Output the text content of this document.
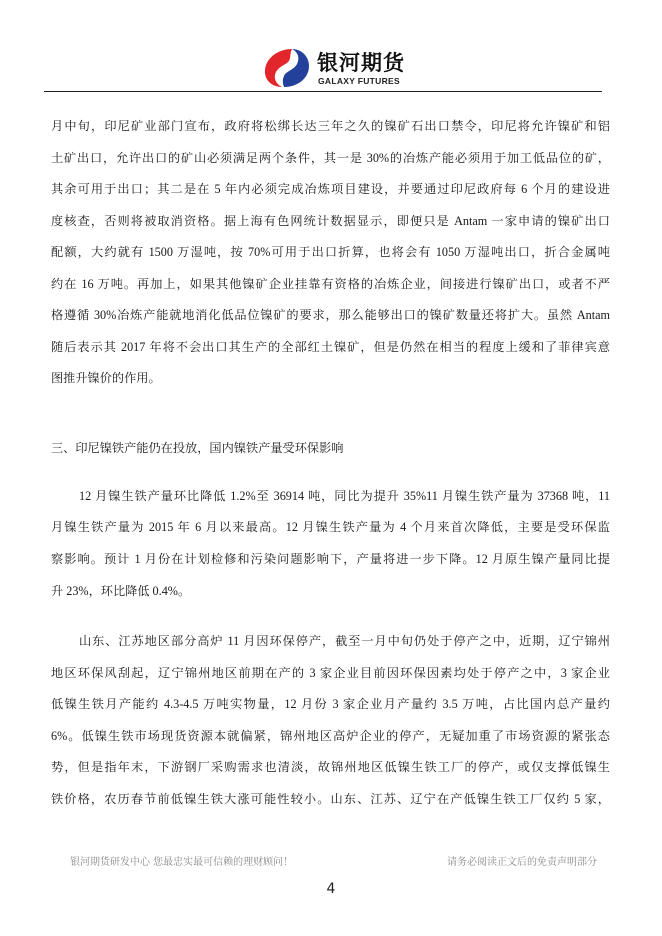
银河期货
GALAXY FUTURES
月中旬，印尼矿业部门宣布，政府将松绑长达三年之久的镍矿石出口禁令，印尼将允许镍矿和铝
土矿出口，允许出口的矿山必须满足两个条件，其一是 30%的冶炼产能必须用于加工低品位的矿，
其余可用于出口；其二是在 5 年内必须完成冶炼项目建设，并要通过印尼政府每 6 个月的建设进
度核查，否则将被取消资格。据上海有色网统计数据显示，即便只是 Antam 一家申请的镍矿出口
配额，大约就有 1500 万湿吨，按 70%可用于出口折算，也将会有 1050 万湿吨出口，折合金属吨
约在 16 万吨。再加上，如果其他镍矿企业挂靠有资格的冶炼企业，间接进行镍矿出口，或者不严
格遵循 30%冶炼产能就地消化低品位镍矿的要求，那么能够出口的镍矿数量还将扩大。虽然 Antam
随后表示其 2017 年将不会出口其生产的全部红土镍矿，但是仍然在相当的程度上缓和了菲律宾意
图推升镍价的作用。
三、印尼镍铁产能仍在投放，国内镍铁产量受环保影响
12 月镍生铁产量环比降低 1.2%至 36914 吨，同比为提升 35%11 月镍生铁产量为 37368 吨，11
月镍生铁产量为 2015 年 6 月以来最高。12 月镍生铁产量为 4 个月来首次降低，主要是受环保监
察影响。预计 1 月份在计划检修和污染问题影响下，产量将进一步下降。12 月原生镍产量同比提
升 23%，环比降低 0.4%。
山东、江苏地区部分高炉 11 月因环保停产，截至一月中旬仍处于停产之中，近期，辽宁锦州
地区环保风刮起，辽宁锦州地区前期在产的 3 家企业目前因环保因素均处于停产之中，3 家企业
低镍生铁月产能约 4.3-4.5 万吨实物量，12 月份 3 家企业月产量约 3.5 万吨，占比国内总产量约
6%。低镍生铁市场现货资源本就偏紧，锦州地区高炉企业的停产，无疑加重了市场资源的紧张态
势，但是指年末，下游钢厂采购需求也清淡，故锦州地区低镍生铁工厂的停产，或仅支撑低镍生
铁价格，农历春节前低镍生铁大涨可能性较小。山东、江苏、辽宁在产低镍生铁工厂仅约 5 家，
银河期货研发中心 您最忠实最可信赖的理财顾问！	请务必阅读正文后的免责声明部分
4
